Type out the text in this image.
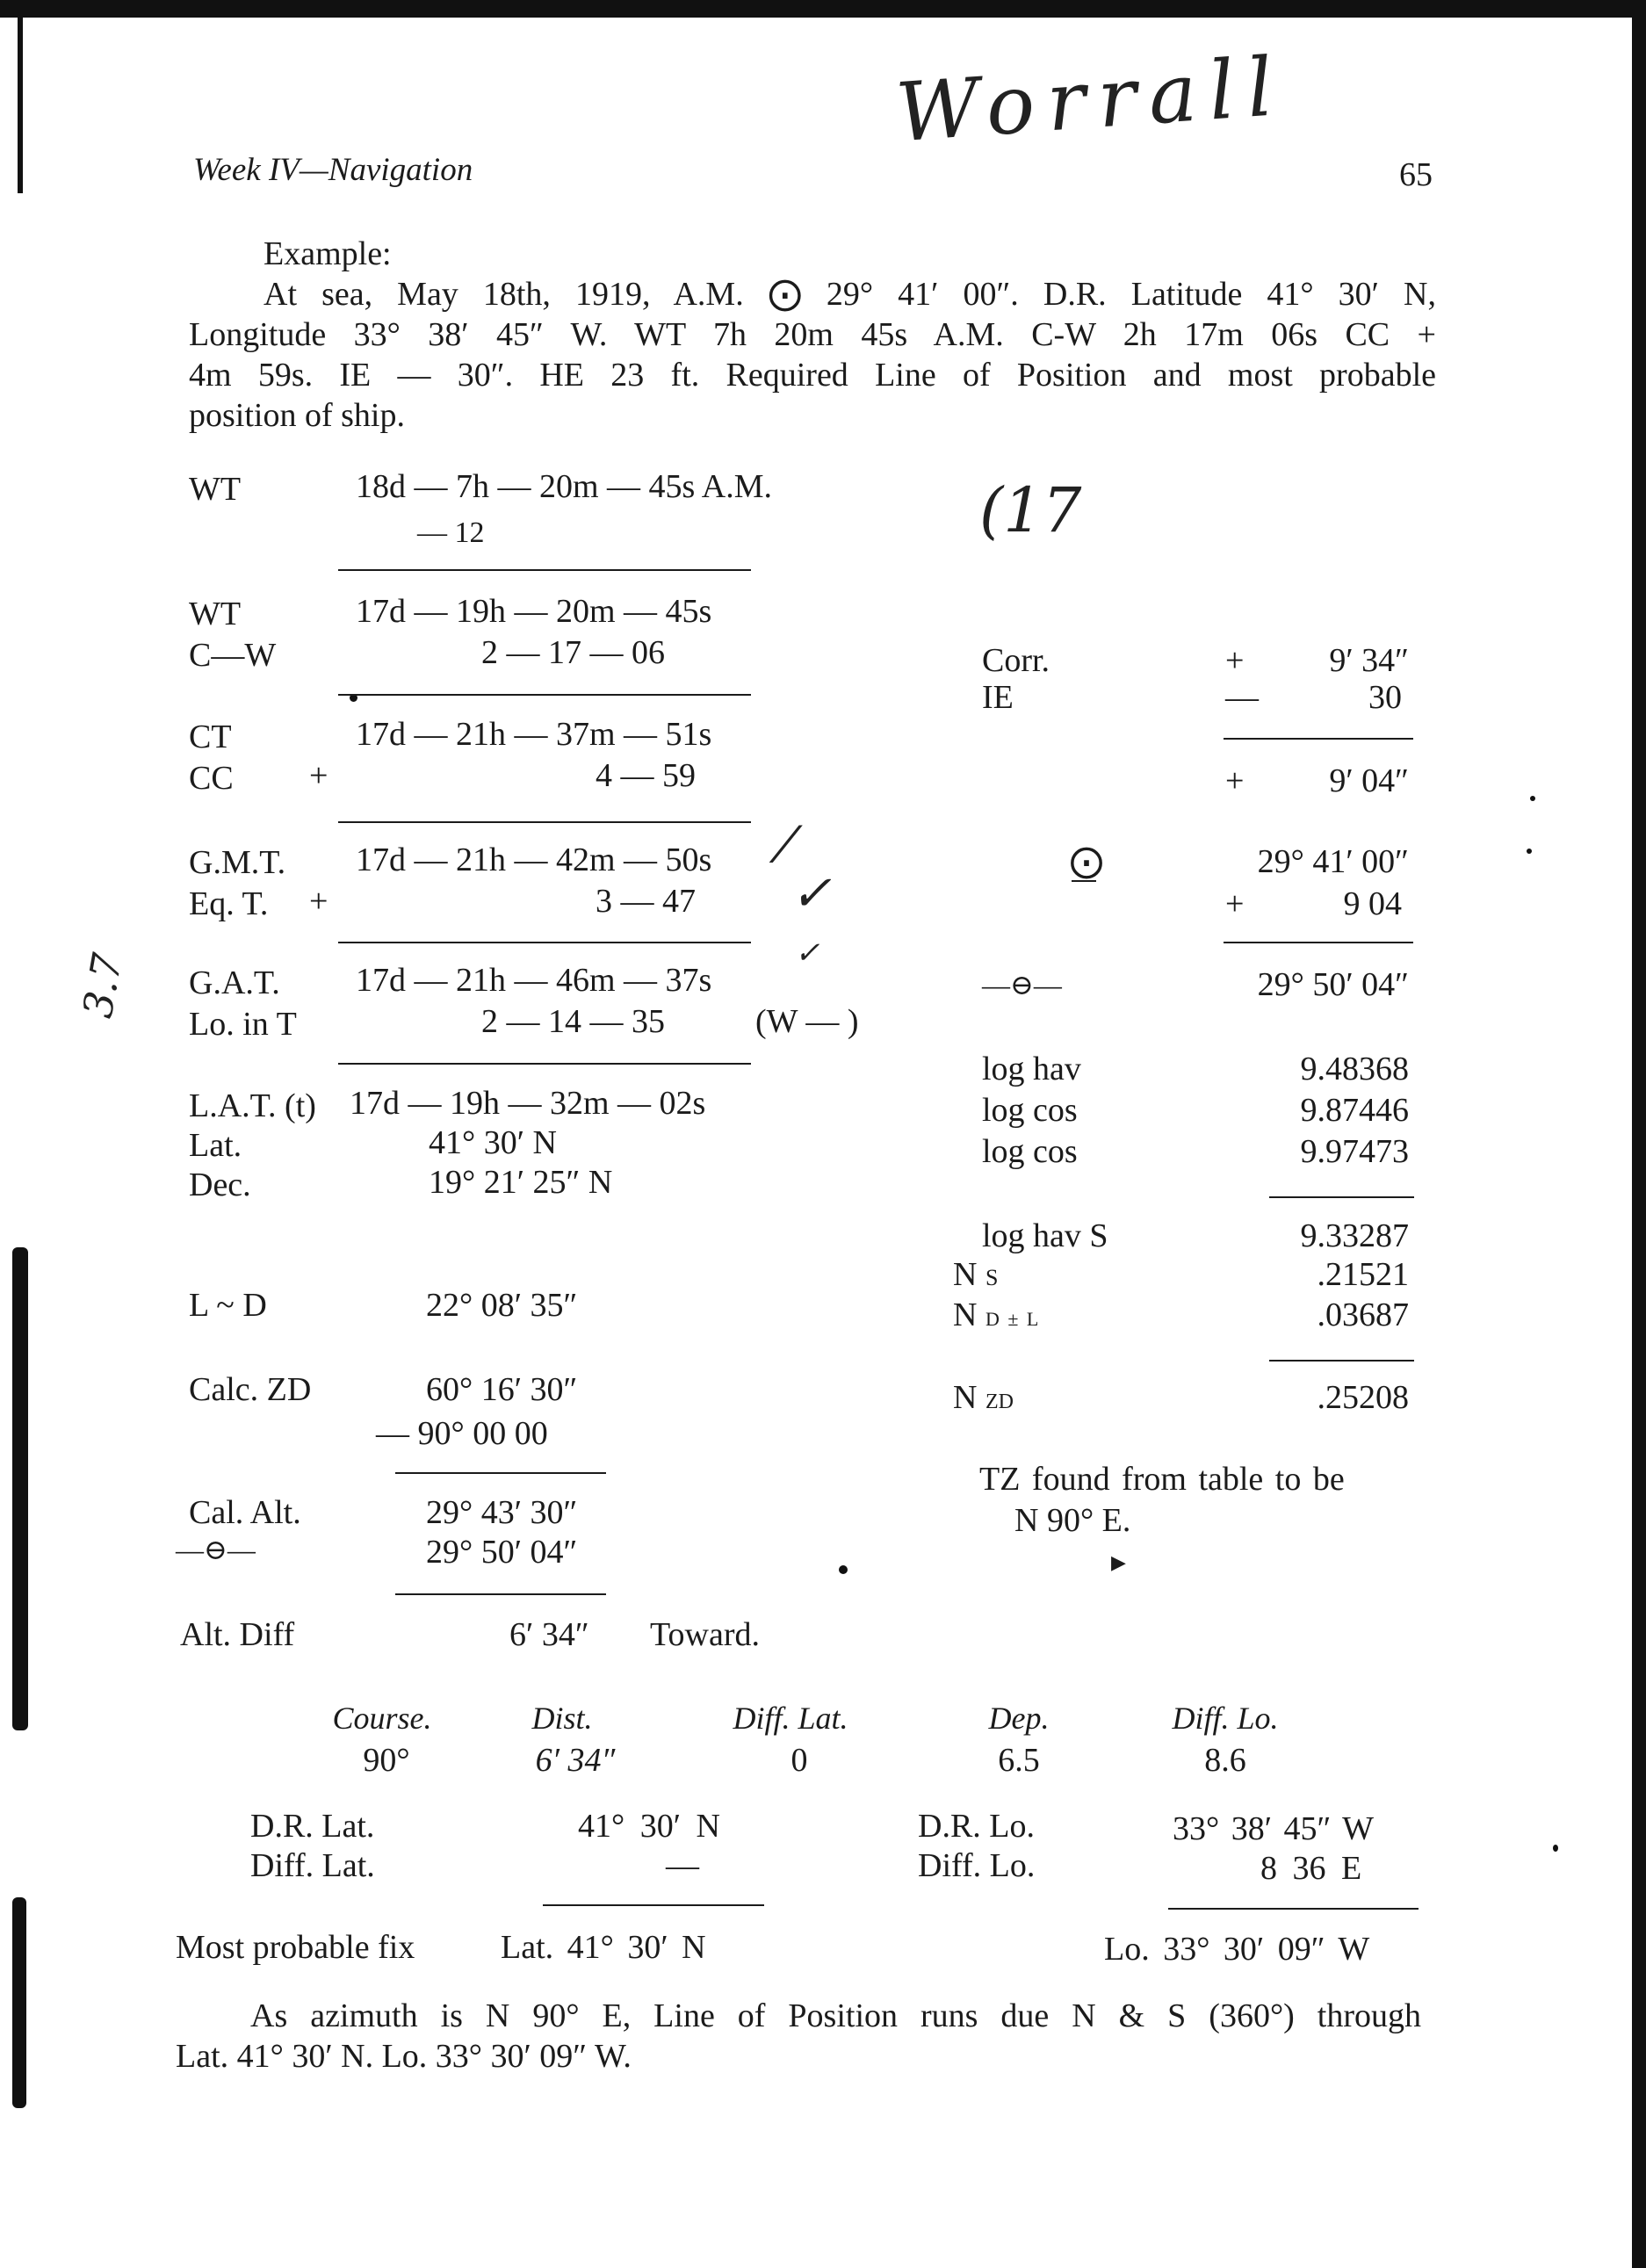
Week IV—Navigation	65
Worrall
Example:
At sea, May 18th, 1919, A.M. ⨀ 29° 41′ 00″. D.R. Latitude 41° 30′ N,
Longitude 33° 38′ 45″ W. WT 7h 20m 45s A.M. C-W 2h 17m 06s CC +
4m 59s. IE — 30″. HE 23 ft. Required Line of Position and most probable
position of ship.
(17
⁄
✓
✓
3.7
WT	18d — 7h — 20m — 45s A.M.
— 12
WT	17d — 19h — 20m — 45s
C—W	2 — 17 — 06
CT	17d — 21h — 37m — 51s
CC +	4 — 59
G.M.T. 17d — 21h — 42m — 50s
Eq. T. +	3 — 47
G.A.T. 17d — 21h — 46m — 37s
Lo. in T	2 — 14 — 35	(W — )
L.A.T. (t) 17d — 19h — 32m — 02s
Lat.	41° 30′ N
Dec.	19° 21′ 25″ N
L ~ D	22° 08′ 35″
Calc. ZD	60° 16′ 30″
— 90° 00 00
Cal. Alt.	29° 43′ 30″
—⊖—	29° 50′ 04″
Alt. Diff	6′ 34″ Toward.
Corr.	+	9′ 34″
IE	—	30
+	9′ 04″
⨀	29° 41′ 00″
+	9 04
—⊖—	29° 50′ 04″
log hav	9.48368
log cos	9.87446
log cos	9.97473
log hav S	9.33287
N S	.21521
N D ± L	.03687
N ZD	.25208
TZ found from table to be
N 90° E.
▶
Course.	Dist.	Diff. Lat.	Dep.	Diff. Lo.
90°	6′ 34″	0	6.5	8.6
D.R. Lat.	41° 30′ N
Diff. Lat.	—
D.R. Lo.	33° 38′ 45″ W
Diff. Lo.	8 36 E
Most probable fix	Lat. 41° 30′ N	Lo. 33° 30′ 09″ W
As azimuth is N 90° E, Line of Position runs due N & S (360°) through
Lat. 41° 30′ N. Lo. 33° 30′ 09″ W.
